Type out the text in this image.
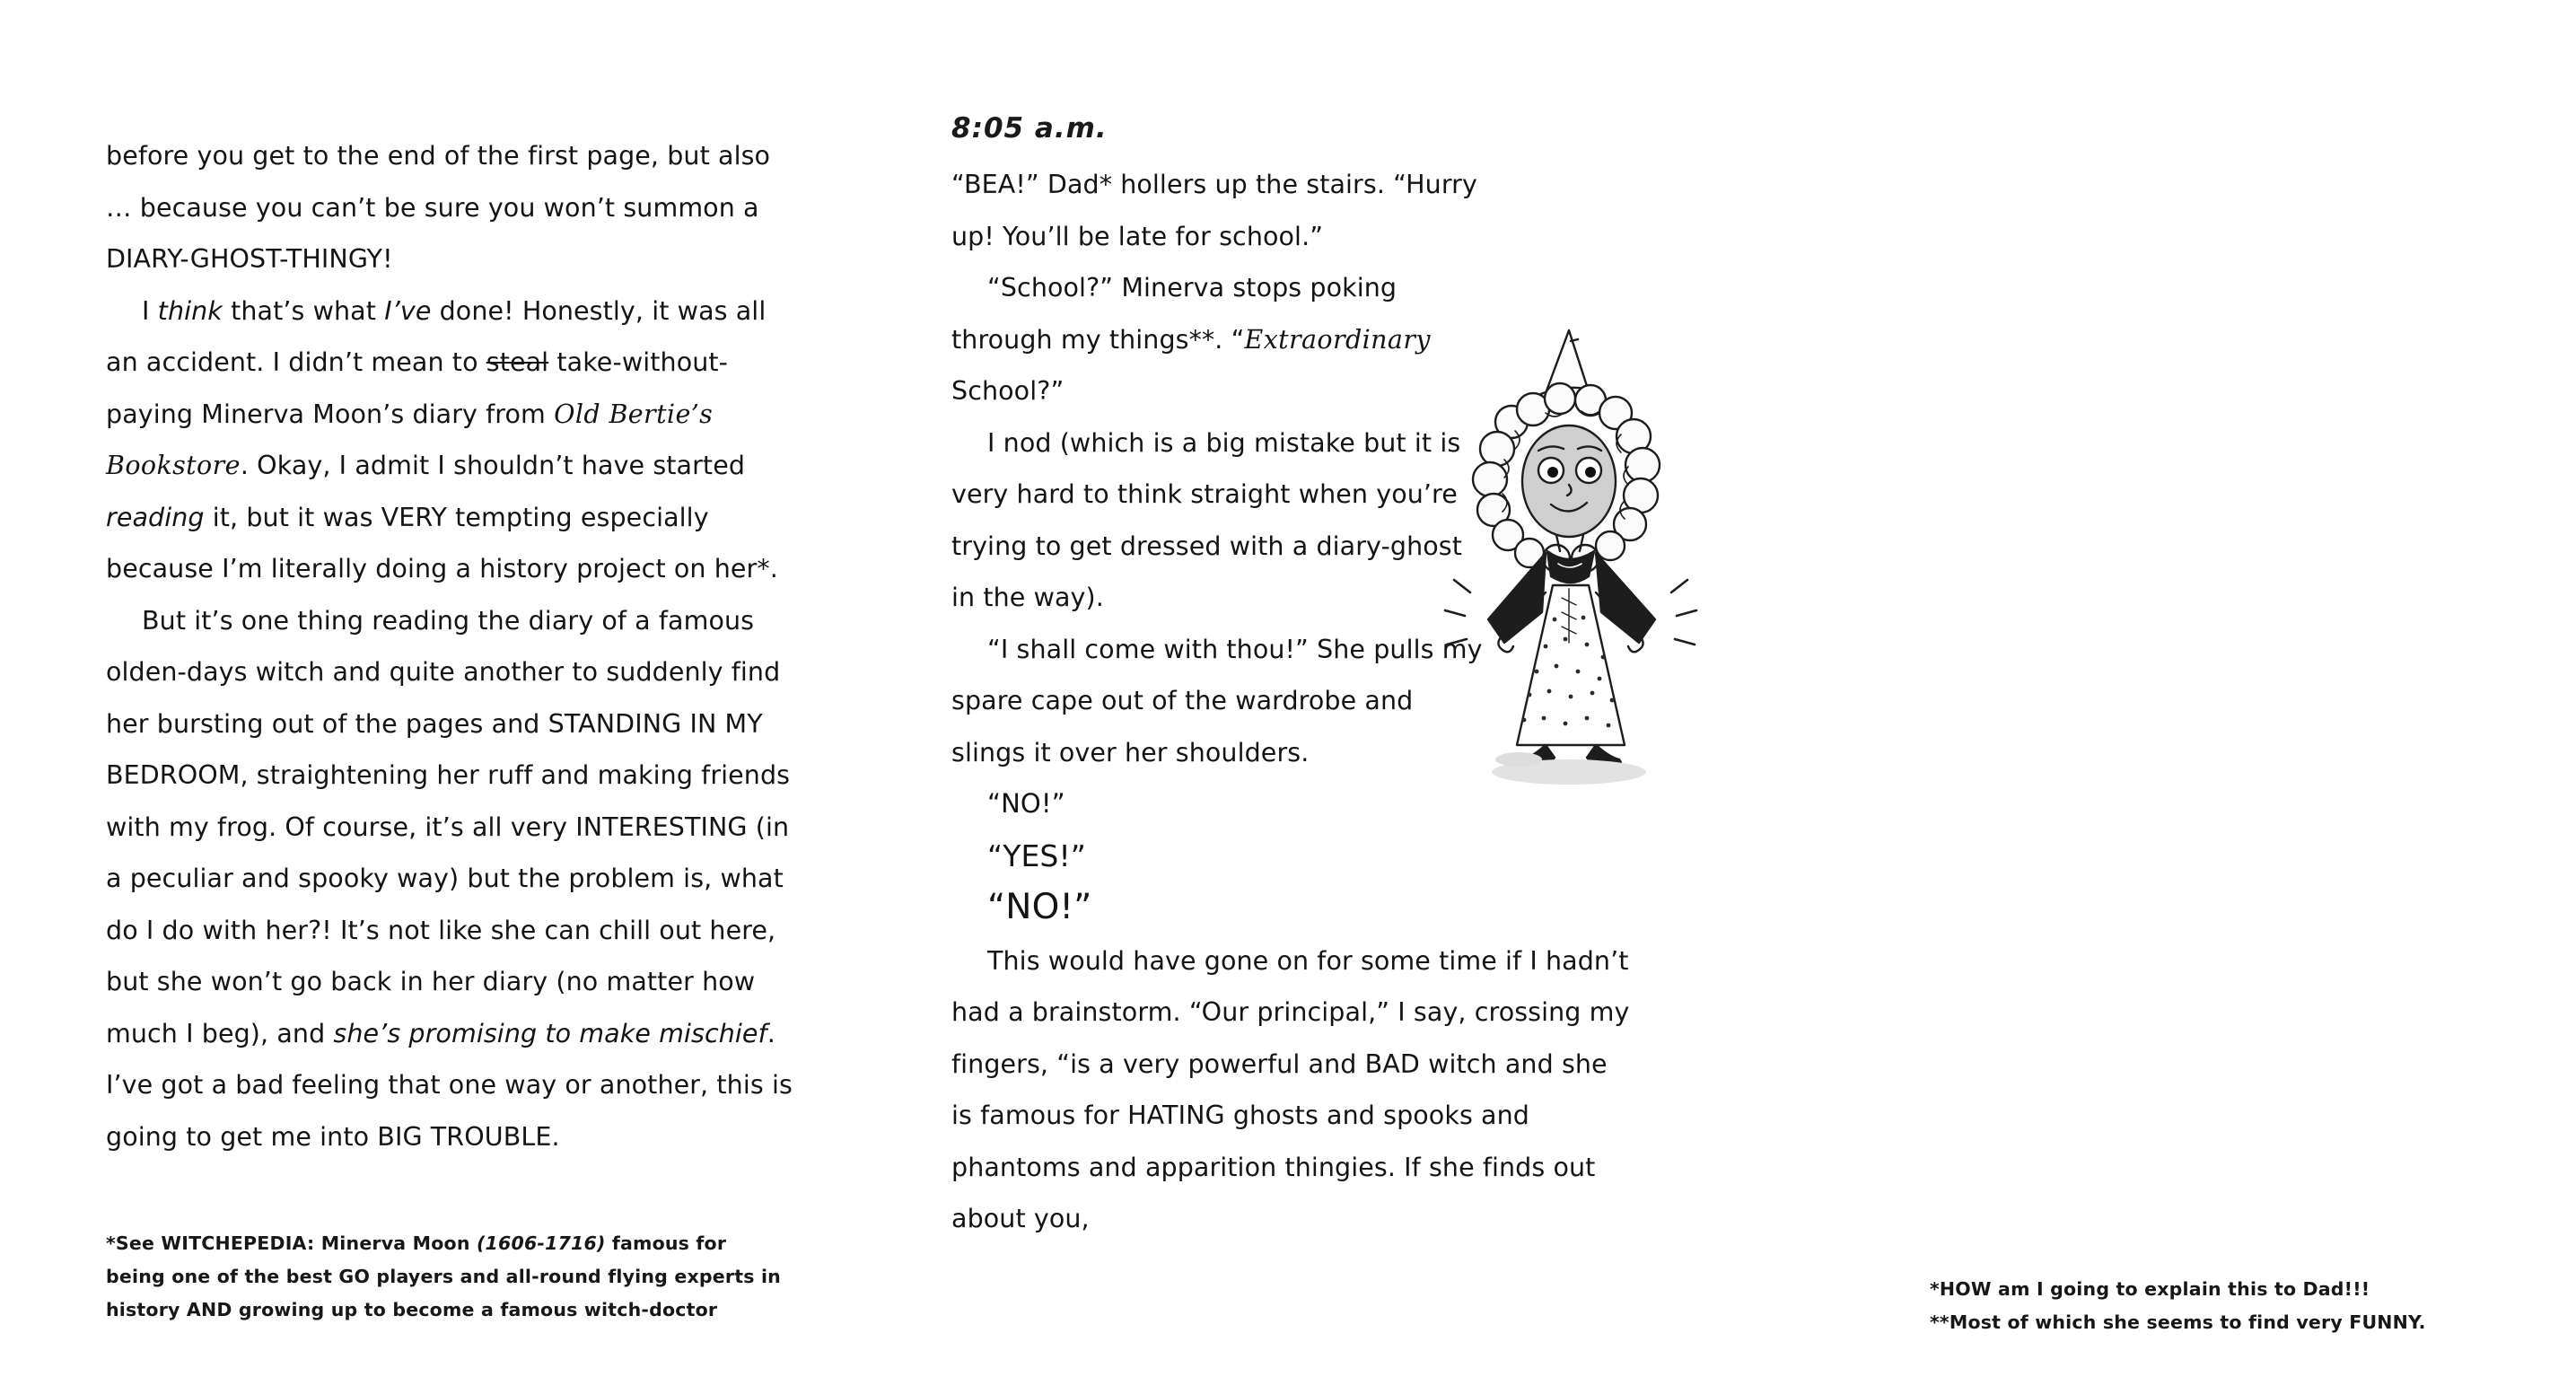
before you get to the end of the first page, but also … because you can’t be sure you won’t summon a DIARY-GHOST-THINGY!

I think that’s what I’ve done! Honestly, it was all an accident. I didn’t mean to steal take-without-paying Minerva Moon’s diary from Old Bertie’s Bookstore. Okay, I admit I shouldn’t have started reading it, but it was VERY tempting especially because I’m literally doing a history project on her*.

But it’s one thing reading the diary of a famous olden-days witch and quite another to suddenly find her bursting out of the pages and STANDING IN MY BEDROOM, straightening her ruff and making friends with my frog. Of course, it’s all very INTERESTING (in a peculiar and spooky way) but the problem is, what do I do with her?! It’s not like she can chill out here, but she won’t go back in her diary (no matter how much I beg), and she’s promising to make mischief. I’ve got a bad feeling that one way or another, this is going to get me into BIG TROUBLE.

*See WITCHEPEDIA: Minerva Moon (1606-1716) famous for being one of the best GO players and all-round flying experts in history AND growing up to become a famous witch-doctor

8:05 a.m.

“BEA!” Dad* hollers up the stairs. “Hurry up! You’ll be late for school.”

“School?” Minerva stops poking through my things**. “Extraordinary School?”

I nod (which is a big mistake but it is very hard to think straight when you’re trying to get dressed with a diary-ghost in the way).

“I shall come with thou!” She pulls my spare cape out of the wardrobe and slings it over her shoulders.

“NO!”

“YES!”

“NO!”

This would have gone on for some time if I hadn’t had a brainstorm. “Our principal,” I say, crossing my fingers, “is a very powerful and BAD witch and she is famous for HATING ghosts and spooks and phantoms and apparition thingies. If she finds out about you,

*

HOW am I going to explain this to Dad!!!

**Most of which she seems to find very FUNNY.
